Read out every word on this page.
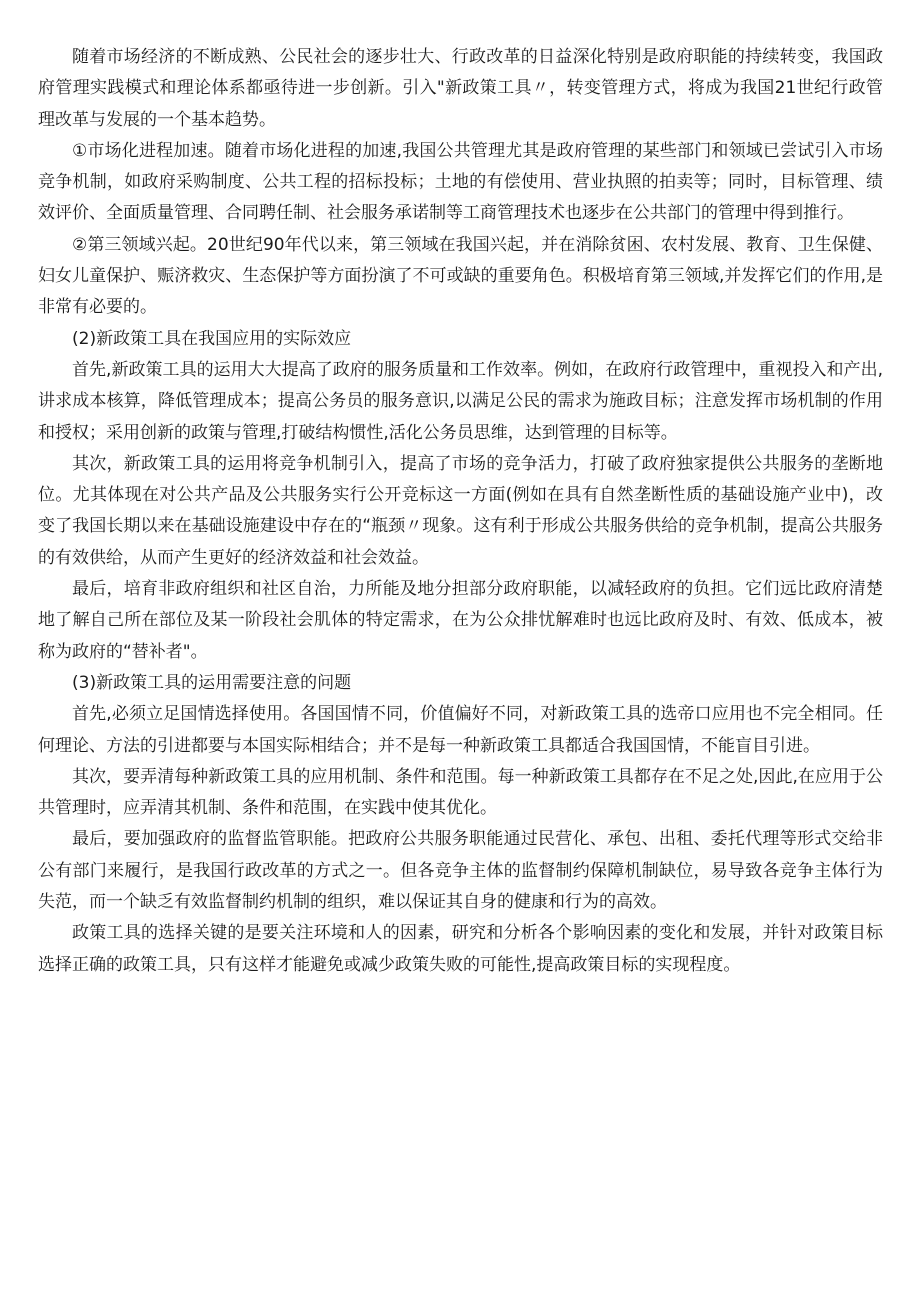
随着市场经济的不断成熟、公民社会的逐步壮大、行政改革的日益深化特别是政府职能的持续转变，我国政府管理实践模式和理论体系都亟待进一步创新。引入"新政策工具〃，转变管理方式，将成为我国21世纪行政管理改革与发展的一个基本趋势。

①市场化进程加速。随着市场化进程的加速,我国公共管理尤其是政府管理的某些部门和领域已尝试引入市场竞争机制，如政府采购制度、公共工程的招标投标；土地的有偿使用、营业执照的拍卖等；同时，目标管理、绩效评价、全面质量管理、合同聘任制、社会服务承诺制等工商管理技术也逐步在公共部门的管理中得到推行。

②第三领域兴起。20世纪90年代以来，第三领域在我国兴起，并在消除贫困、农村发展、教育、卫生保健、妇女儿童保护、赈济救灾、生态保护等方面扮演了不可或缺的重要角色。积极培育第三领域,并发挥它们的作用,是非常有必要的。

(2)新政策工具在我国应用的实际效应

首先,新政策工具的运用大大提高了政府的服务质量和工作效率。例如，在政府行政管理中，重视投入和产出,讲求成本核算，降低管理成本；提高公务员的服务意识,以满足公民的需求为施政目标；注意发挥市场机制的作用和授权；采用创新的政策与管理,打破结构惯性,活化公务员思维，达到管理的目标等。

其次，新政策工具的运用将竞争机制引入，提高了市场的竞争活力，打破了政府独家提供公共服务的垄断地位。尤其体现在对公共产品及公共服务实行公开竞标这一方面(例如在具有自然垄断性质的基础设施产业中)，改变了我国长期以来在基础设施建设中存在的“瓶颈〃现象。这有利于形成公共服务供给的竞争机制，提高公共服务的有效供给，从而产生更好的经济效益和社会效益。

最后，培育非政府组织和社区自治，力所能及地分担部分政府职能，以减轻政府的负担。它们远比政府清楚地了解自己所在部位及某一阶段社会肌体的特定需求，在为公众排忧解难时也远比政府及时、有效、低成本，被称为政府的“替补者"。

(3)新政策工具的运用需要注意的问题

首先,必须立足国情选择使用。各国国情不同，价值偏好不同，对新政策工具的选帝口应用也不完全相同。任何理论、方法的引进都要与本国实际相结合；并不是每一种新政策工具都适合我国国情，不能盲目引进。

其次，要弄清每种新政策工具的应用机制、条件和范围。每一种新政策工具都存在不足之处,因此,在应用于公共管理时，应弄清其机制、条件和范围，在实践中使其优化。

最后，要加强政府的监督监管职能。把政府公共服务职能通过民营化、承包、出租、委托代理等形式交给非公有部门来履行，是我国行政改革的方式之一。但各竞争主体的监督制约保障机制缺位，易导致各竞争主体行为失范，而一个缺乏有效监督制约机制的组织，难以保证其自身的健康和行为的高效。

政策工具的选择关键的是要关注环境和人的因素，研究和分析各个影响因素的变化和发展，并针对政策目标选择正确的政策工具，只有这样才能避免或减少政策失败的可能性,提高政策目标的实现程度。
